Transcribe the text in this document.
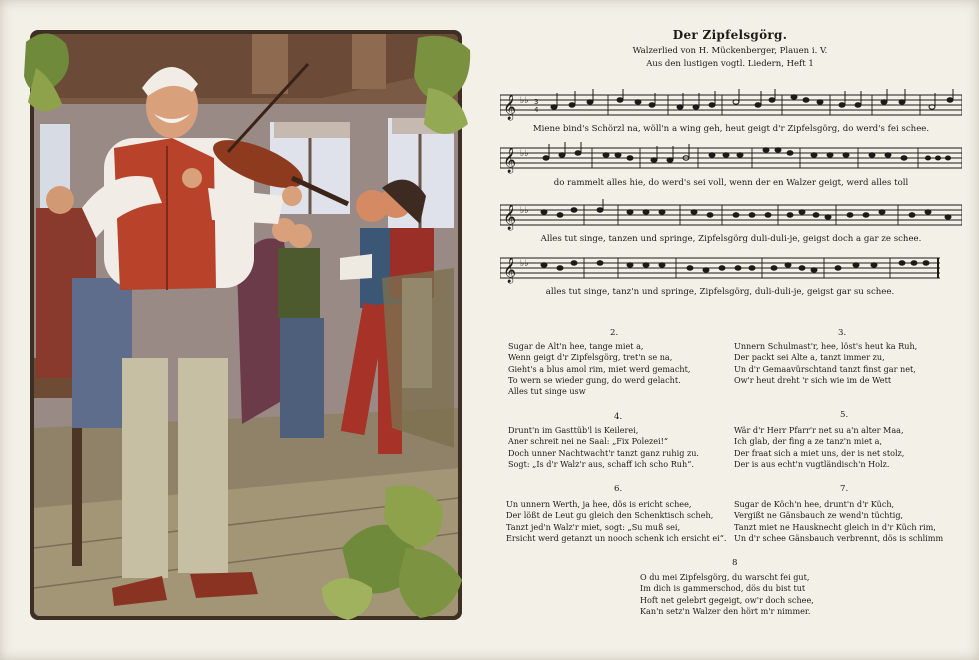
Der Zipfelsgörg.
Walzerlied von H. Mückenberger, Plauen i. V.
Aus den lustigen vogtl. Liedern, Heft 1
𝄞 ♭♭ 3
4
Miene bind's Schörzl na, wöll'n a wing geh, heut geigt d'r Zipfelsgörg, do werd's fei schee.
𝄞 ♭♭
do rammelt alles hie, do werd's sei voll, wenn der en Walzer geigt, werd alles toll
𝄞 ♭♭
Alles tut singe, tanzen und springe, Zipfelsgörg duli-duli-je, geigst doch a gar ze schee.
𝄞 ♭♭
alles tut singe, tanz'n und springe, Zipfelsgörg, duli-duli-je, geigst gar su schee.
2.
Sugar de Alt'n hee, tange miet a,
Wenn geigt d'r Zipfelsgörg, tret'n se na,
Gieht's a blus amol rim, miet werd gemacht,
To wern se wieder gung, do werd gelacht.
Alles tut singe usw
3.
Unnern Schulmast'r, hee, löst's heut ka Ruh,
Der packt sei Alte a, tanzt immer zu,
Un d'r Gemaavürschtand tanzt finst gar net,
Ow'r heut dreht 'r sich wie im de Wett
4.
Drunt'n im Gasttüb'l is Keilerei,
Aner schreit nei ne Saal: „Fix Polezei!“
Doch unner Nachtwacht'r tanzt ganz ruhig zu.
Sogt: „Is d'r Walz'r aus, schaff ich scho Ruh“.
5.
Wär d'r Herr Pfarr'r net su a'n alter Maa,
Ich glab, der fing a ze tanz'n miet a,
Der fraat sich a miet uns, der is net stolz,
Der is aus echt'n vugtländisch'n Holz.
6.
Un unnern Werth, ja hee, dös is ericht schee,
Der lößt de Leut gu gleich den Schenktisch scheh,
Tanzt jed'n Walz'r miet, sogt: „Su muß sei,
Ersicht werd getanzt un nooch schenk ich ersicht ei“.
7.
Sugar de Köch'n hee, drunt'n d'r Küch,
Vergißt ne Gänsbauch ze wend'n tüchtig,
Tanzt miet ne Hausknecht gleich in d'r Küch rim,
Un d'r schee Gänsbauch verbrennt, dös is schlimm
8
O du mei Zipfelsgörg, du warscht fei gut,
Im dich is gammerschod, dös du bist tut
Hoft net gelebrt gegeigt, ow'r doch schee,
Kan'n setz'n Walzer den hört m'r nimmer.
